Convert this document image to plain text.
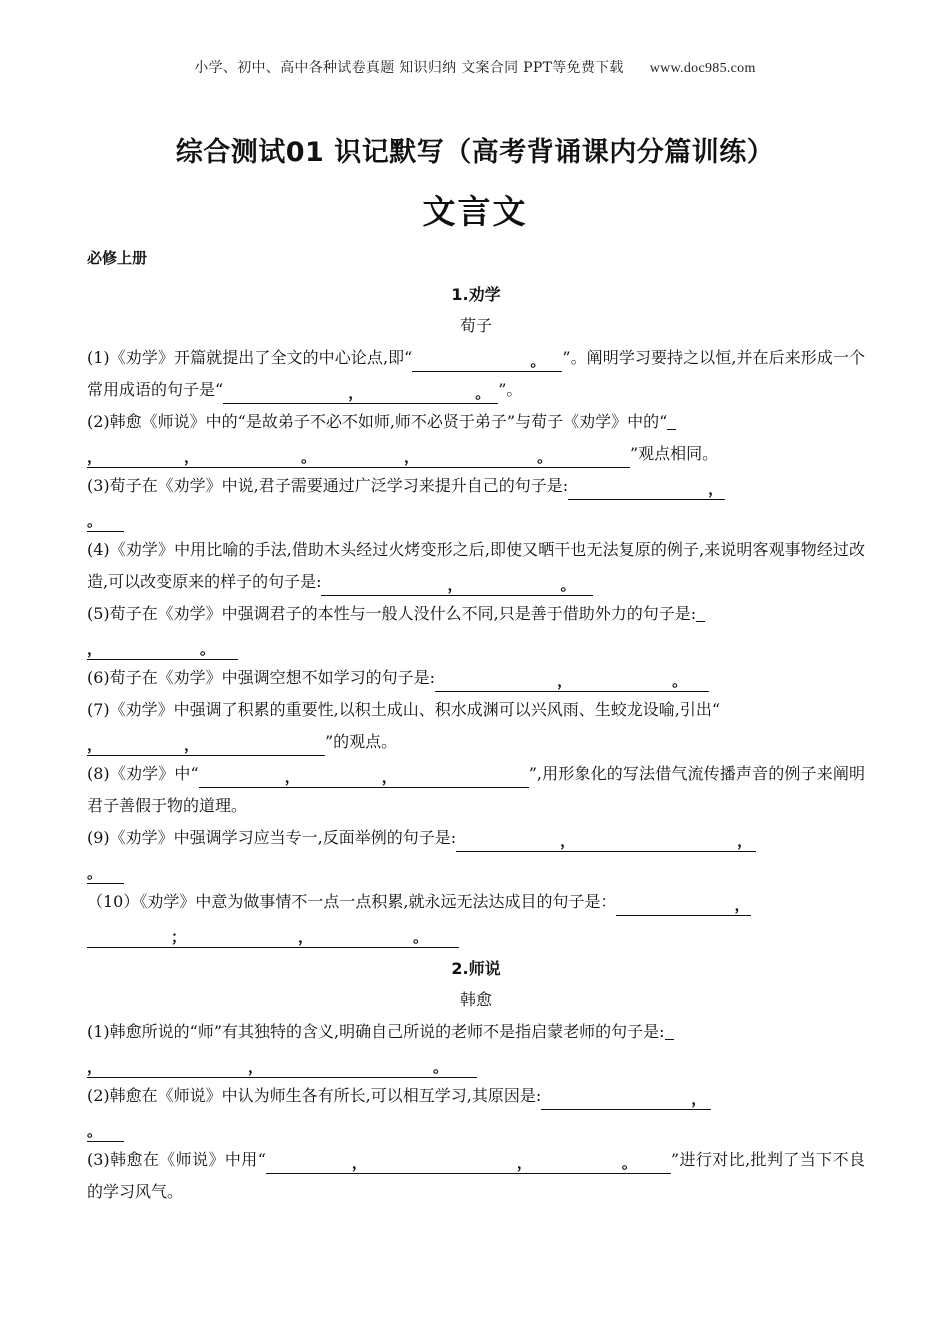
小学、初中、高中各种试卷真题 知识归纳 文案合同 PPT等免费下载 www.doc985.com
综合测试01 识记默写（高考背诵课内分篇训练）
文言文
必修上册
1.劝学
荀子

(1)《劝学》开篇就提出了全文的中心论点,即“	。 ”。阐明学习要持之以恒,并在后来形成一个常用成语的句子是“	，	。 ”。

(2)韩愈《师说》中的“是故弟子不必不如师,师不必贤于弟子”与荀子《劝学》中的“
，	，	。	，	。	”观点相同。

(3)荀子在《劝学》中说,君子需要通过广泛学习来提升自己的句子是:	，
。

(4)《劝学》中用比喻的手法,借助木头经过火烤变形之后,即使又晒干也无法复原的例子,来说明客观事物经过改造,可以改变原来的样子的句子是:	，	。

(5)荀子在《劝学》中强调君子的本性与一般人没什么不同,只是善于借助外力的句子是:
，	。

(6)荀子在《劝学》中强调空想不如学习的句子是:	，	。

(7)《劝学》中强调了积累的重要性,以积土成山、积水成渊可以兴风雨、生蛟龙设喻,引出“
，	，	”的观点。

(8)《劝学》中“	，	，	”,用形象化的写法借气流传播声音的例子来阐明君子善假于物的道理。

(9)《劝学》中强调学习应当专一,反面举例的句子是:	，	，
。

（10）《劝学》中意为做事情不一点一点积累,就永远无法达成目的句子是：	，
；	，	。

2.师说
韩愈

(1)韩愈所说的“师”有其独特的含义,明确自己所说的老师不是指启蒙老师的句子是:
，	，	。

(2)韩愈在《师说》中认为师生各有所长,可以相互学习,其原因是:	，
。

(3)韩愈在《师说》中用“	，	，	。 ”进行对比,批判了当下不良的学习风气。
